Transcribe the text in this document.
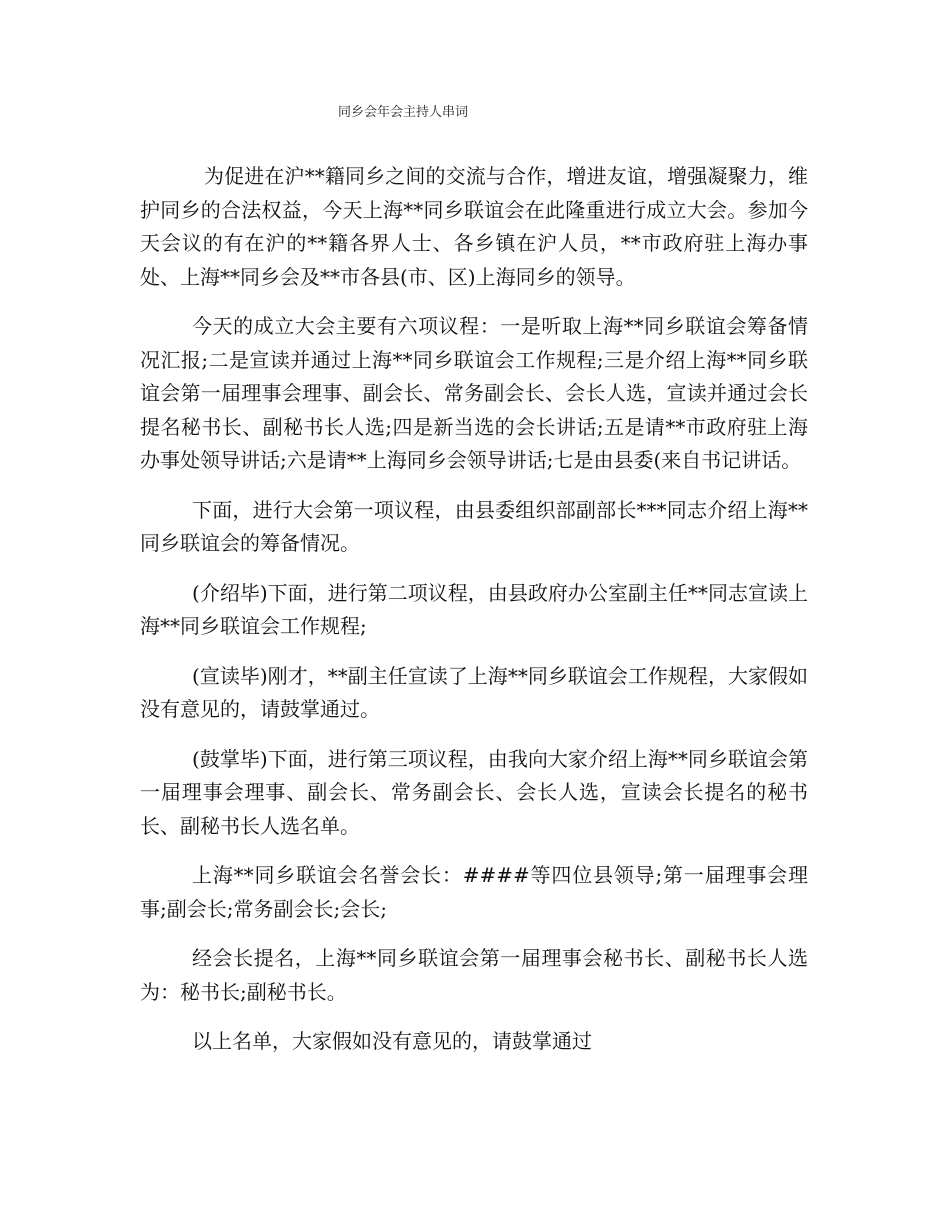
同乡会年会主持人串词

为促进在沪**籍同乡之间的交流与合作，增进友谊，增强凝聚力，维护同乡的合法权益，今天上海**同乡联谊会在此隆重进行成立大会。参加今天会议的有在沪的**籍各界人士、各乡镇在沪人员，**市政府驻上海办事处、上海**同乡会及**市各县(市、区)上海同乡的领导。

今天的成立大会主要有六项议程：一是听取上海**同乡联谊会筹备情况汇报;二是宣读并通过上海**同乡联谊会工作规程;三是介绍上海**同乡联谊会第一届理事会理事、副会长、常务副会长、会长人选，宣读并通过会长提名秘书长、副秘书长人选;四是新当选的会长讲话;五是请**市政府驻上海办事处领导讲话;六是请**上海同乡会领导讲话;七是由县委(来自书记讲话。

下面，进行大会第一项议程，由县委组织部副部长***同志介绍上海**同乡联谊会的筹备情况。

(介绍毕)下面，进行第二项议程，由县政府办公室副主任**同志宣读上海**同乡联谊会工作规程;

(宣读毕)刚才，**副主任宣读了上海**同乡联谊会工作规程，大家假如没有意见的，请鼓掌通过。

(鼓掌毕)下面，进行第三项议程，由我向大家介绍上海**同乡联谊会第一届理事会理事、副会长、常务副会长、会长人选，宣读会长提名的秘书长、副秘书长人选名单。

上海**同乡联谊会名誉会长：####等四位县领导;第一届理事会理事;副会长;常务副会长;会长;

经会长提名，上海**同乡联谊会第一届理事会秘书长、副秘书长人选为：秘书长;副秘书长。

以上名单，大家假如没有意见的，请鼓掌通过
